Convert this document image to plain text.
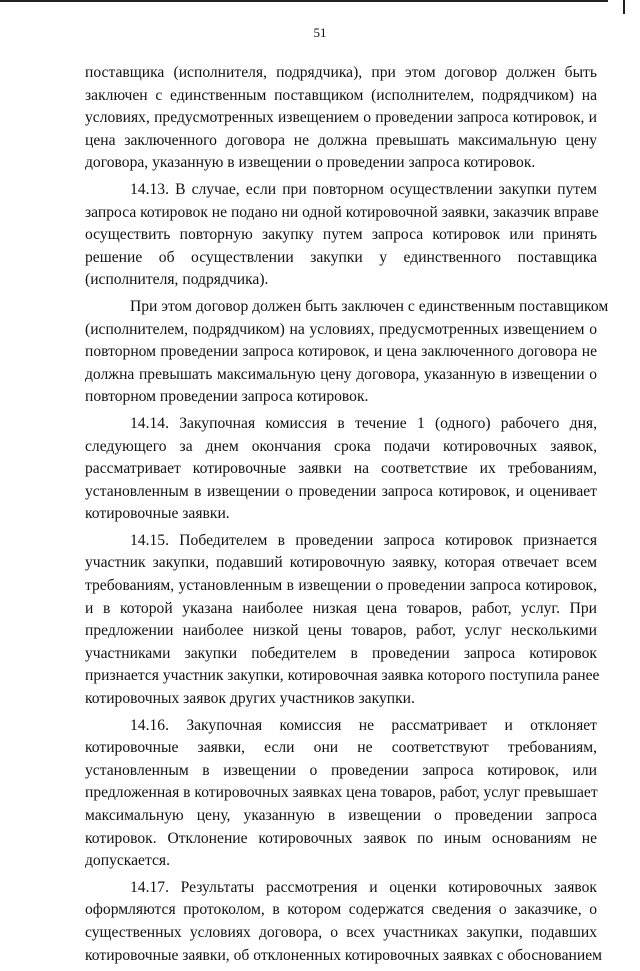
51
поставщика (исполнителя, подрядчика), при этом договор должен быть
заключен с единственным поставщиком (исполнителем, подрядчиком) на
условиях, предусмотренных извещением о проведении запроса котировок, и
цена заключенного договора не должна превышать максимальную цену
договора, указанную в извещении о проведении запроса котировок.
14.13. В случае, если при повторном осуществлении закупки путем
запроса котировок не подано ни одной котировочной заявки, заказчик вправе
осуществить повторную закупку путем запроса котировок или принять
решение об осуществлении закупки у единственного поставщика
(исполнителя, подрядчика).
При этом договор должен быть заключен с единственным поставщиком
(исполнителем, подрядчиком) на условиях, предусмотренных извещением о
повторном проведении запроса котировок, и цена заключенного договора не
должна превышать максимальную цену договора, указанную в извещении о
повторном проведении запроса котировок.
14.14. Закупочная комиссия в течение 1 (одного) рабочего дня,
следующего за днем окончания срока подачи котировочных заявок,
рассматривает котировочные заявки на соответствие их требованиям,
установленным в извещении о проведении запроса котировок, и оценивает
котировочные заявки.
14.15. Победителем в проведении запроса котировок признается
участник закупки, подавший котировочную заявку, которая отвечает всем
требованиям, установленным в извещении о проведении запроса котировок,
и в которой указана наиболее низкая цена товаров, работ, услуг. При
предложении наиболее низкой цены товаров, работ, услуг несколькими
участниками закупки победителем в проведении запроса котировок
признается участник закупки, котировочная заявка которого поступила ранее
котировочных заявок других участников закупки.
14.16. Закупочная комиссия не рассматривает и отклоняет
котировочные заявки, если они не соответствуют требованиям,
установленным в извещении о проведении запроса котировок, или
предложенная в котировочных заявках цена товаров, работ, услуг превышает
максимальную цену, указанную в извещении о проведении запроса
котировок. Отклонение котировочных заявок по иным основаниям не
допускается.
14.17. Результаты рассмотрения и оценки котировочных заявок
оформляются протоколом, в котором содержатся сведения о заказчике, о
существенных условиях договора, о всех участниках закупки, подавших
котировочные заявки, об отклоненных котировочных заявках с обоснованием
